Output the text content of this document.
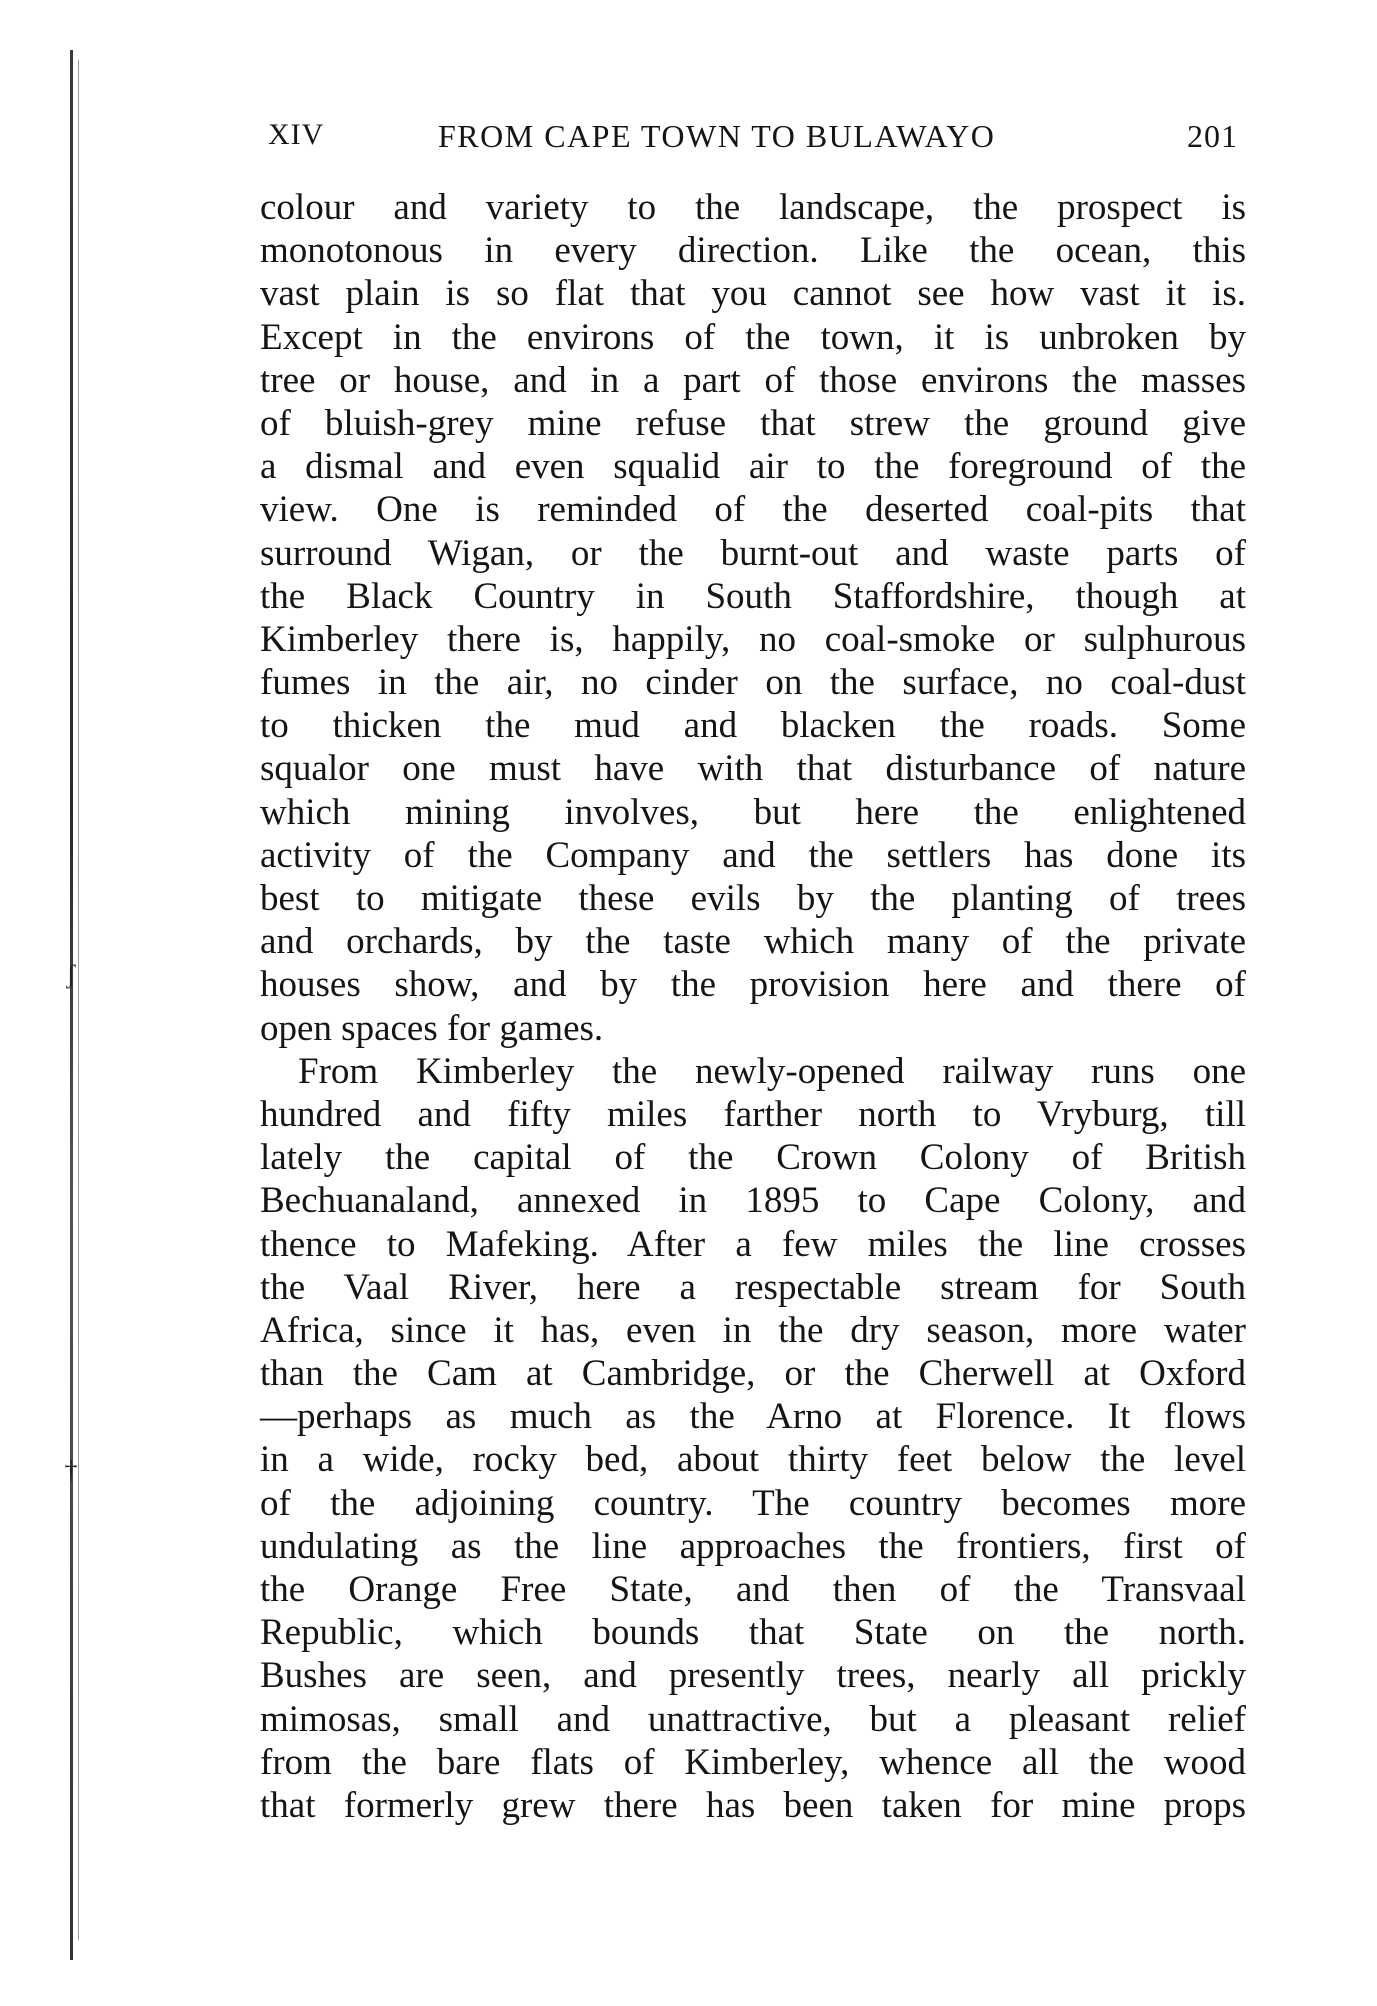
ʃ
†
XIV	FROM CAPE TOWN TO BULAWAYO	201
colour and variety to the landscape, the prospect is
monotonous in every direction. Like the ocean, this
vast plain is so flat that you cannot see how vast it is.
Except in the environs of the town, it is unbroken by
tree or house, and in a part of those environs the masses
of bluish-grey mine refuse that strew the ground give
a dismal and even squalid air to the foreground of the
view. One is reminded of the deserted coal-pits that
surround Wigan, or the burnt-out and waste parts of
the Black Country in South Staffordshire, though at
Kimberley there is, happily, no coal-smoke or sulphurous
fumes in the air, no cinder on the surface, no coal-dust
to thicken the mud and blacken the roads. Some
squalor one must have with that disturbance of nature
which mining involves, but here the enlightened
activity of the Company and the settlers has done its
best to mitigate these evils by the planting of trees
and orchards, by the taste which many of the private
houses show, and by the provision here and there of
open spaces for games.
From Kimberley the newly-opened railway runs one
hundred and fifty miles farther north to Vryburg, till
lately the capital of the Crown Colony of British
Bechuanaland, annexed in 1895 to Cape Colony, and
thence to Mafeking. After a few miles the line crosses
the Vaal River, here a respectable stream for South
Africa, since it has, even in the dry season, more water
than the Cam at Cambridge, or the Cherwell at Oxford
—perhaps as much as the Arno at Florence. It flows
in a wide, rocky bed, about thirty feet below the level
of the adjoining country. The country becomes more
undulating as the line approaches the frontiers, first of
the Orange Free State, and then of the Transvaal
Republic, which bounds that State on the north.
Bushes are seen, and presently trees, nearly all prickly
mimosas, small and unattractive, but a pleasant relief
from the bare flats of Kimberley, whence all the wood
that formerly grew there has been taken for mine props
